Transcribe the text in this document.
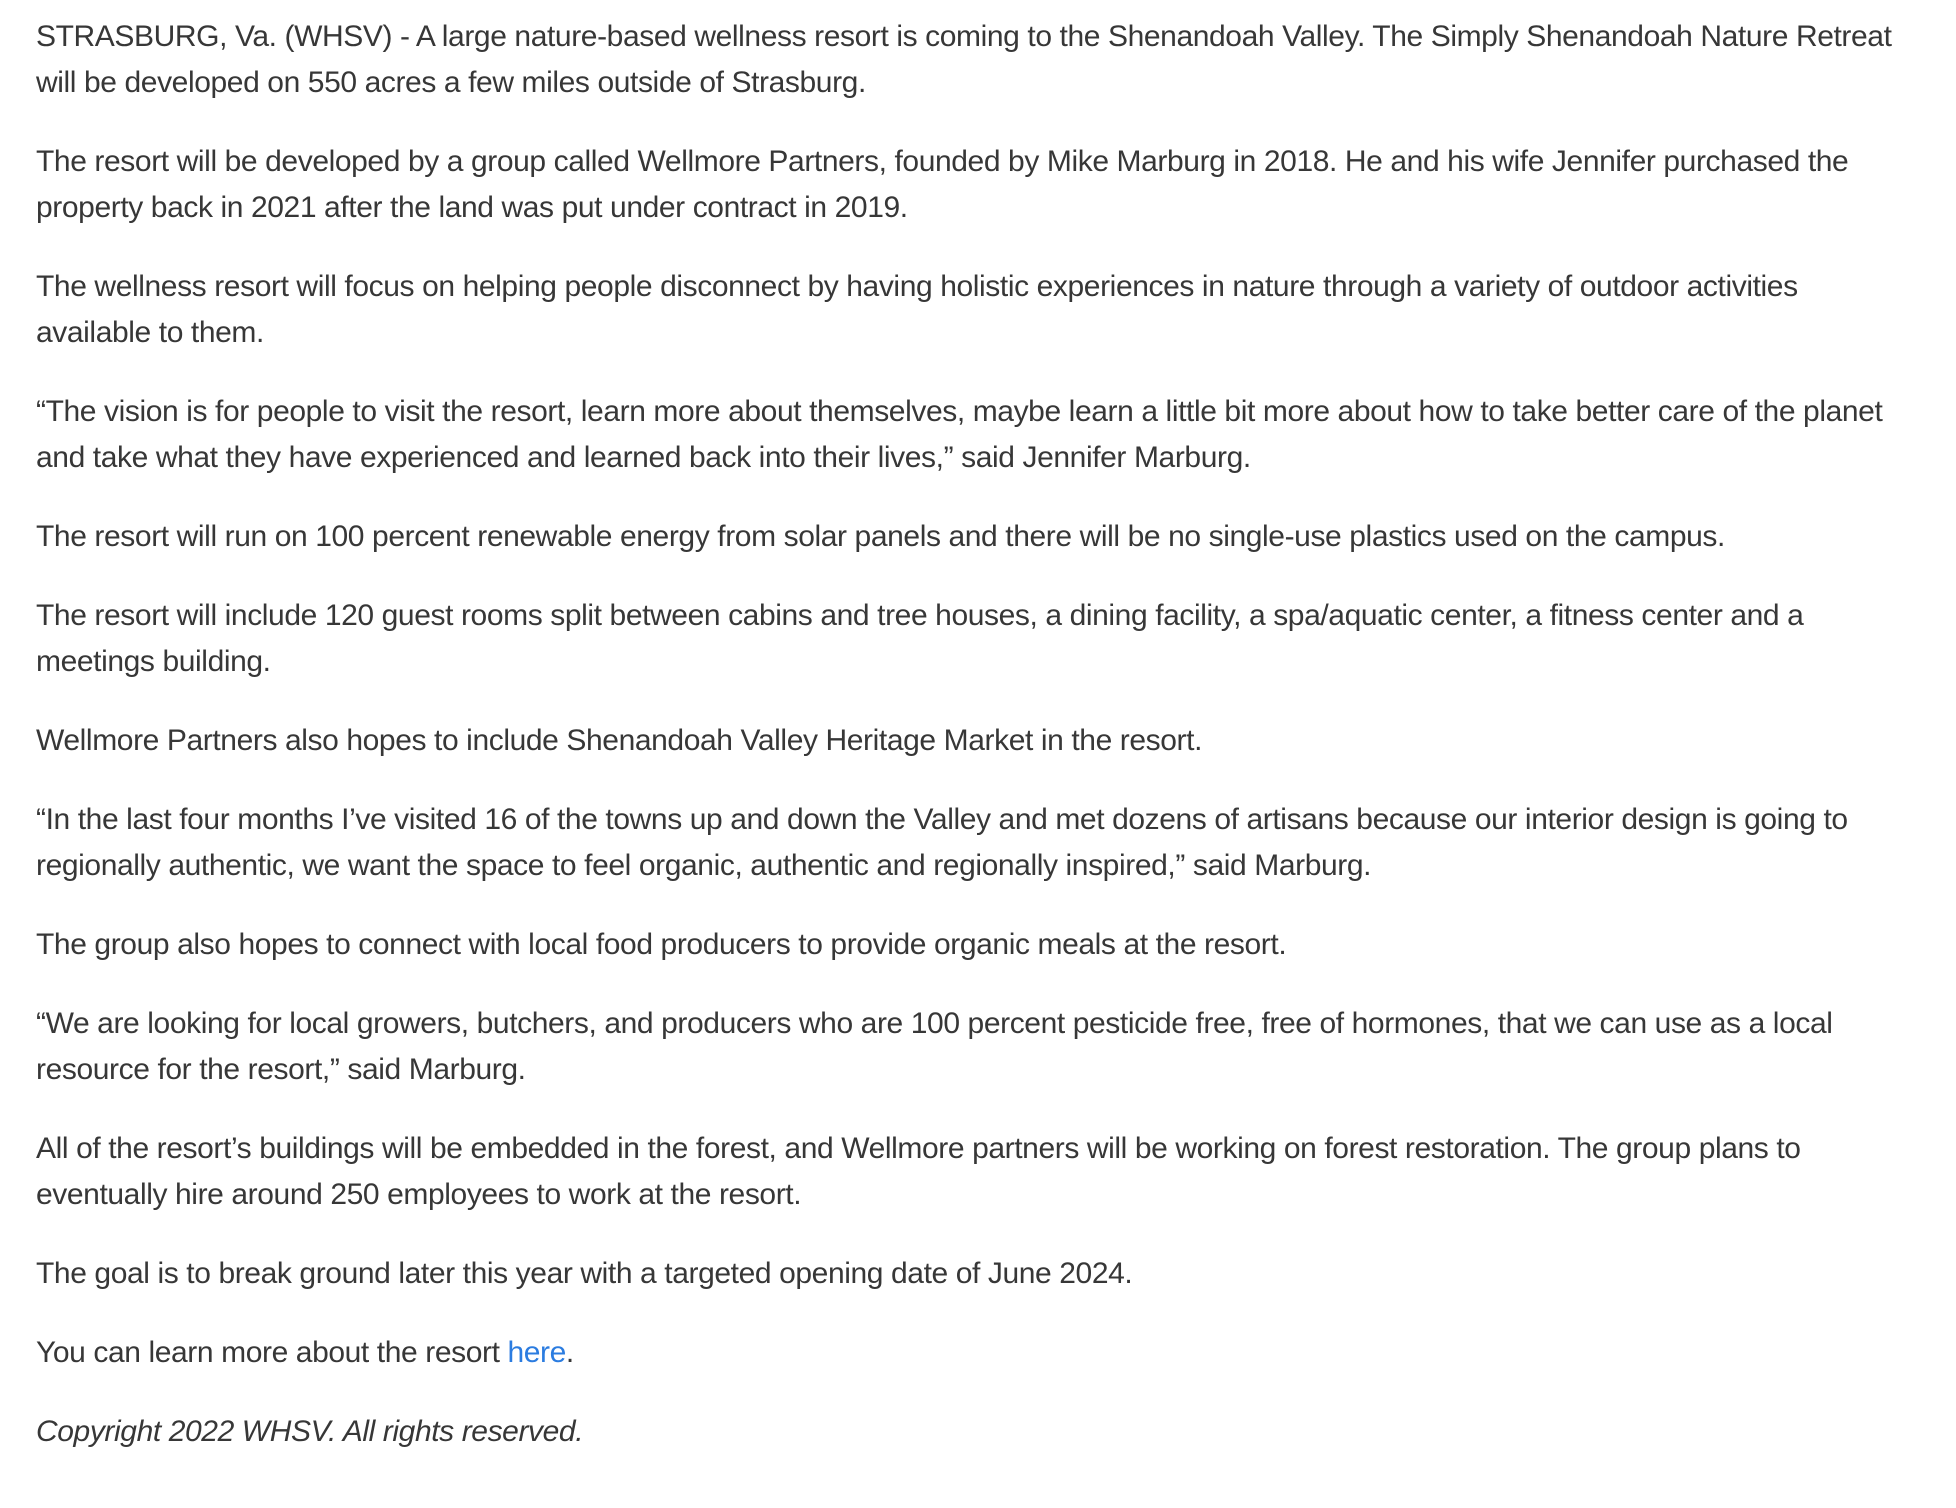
STRASBURG, Va. (WHSV) - A large nature-based wellness resort is coming to the Shenandoah Valley. The Simply Shenandoah Nature Retreat will be developed on 550 acres a few miles outside of Strasburg.

The resort will be developed by a group called Wellmore Partners, founded by Mike Marburg in 2018. He and his wife Jennifer purchased the property back in 2021 after the land was put under contract in 2019.

The wellness resort will focus on helping people disconnect by having holistic experiences in nature through a variety of outdoor activities available to them.

“The vision is for people to visit the resort, learn more about themselves, maybe learn a little bit more about how to take better care of the planet and take what they have experienced and learned back into their lives,” said Jennifer Marburg.

The resort will run on 100 percent renewable energy from solar panels and there will be no single-use plastics used on the campus.

The resort will include 120 guest rooms split between cabins and tree houses, a dining facility, a spa/aquatic center, a fitness center and a meetings building.

Wellmore Partners also hopes to include Shenandoah Valley Heritage Market in the resort.

“In the last four months I’ve visited 16 of the towns up and down the Valley and met dozens of artisans because our interior design is going to regionally authentic, we want the space to feel organic, authentic and regionally inspired,” said Marburg.

The group also hopes to connect with local food producers to provide organic meals at the resort.

“We are looking for local growers, butchers, and producers who are 100 percent pesticide free, free of hormones, that we can use as a local resource for the resort,” said Marburg.

All of the resort’s buildings will be embedded in the forest, and Wellmore partners will be working on forest restoration. The group plans to eventually hire around 250 employees to work at the resort.

The goal is to break ground later this year with a targeted opening date of June 2024.

You can learn more about the resort here.

Copyright 2022 WHSV. All rights reserved.
